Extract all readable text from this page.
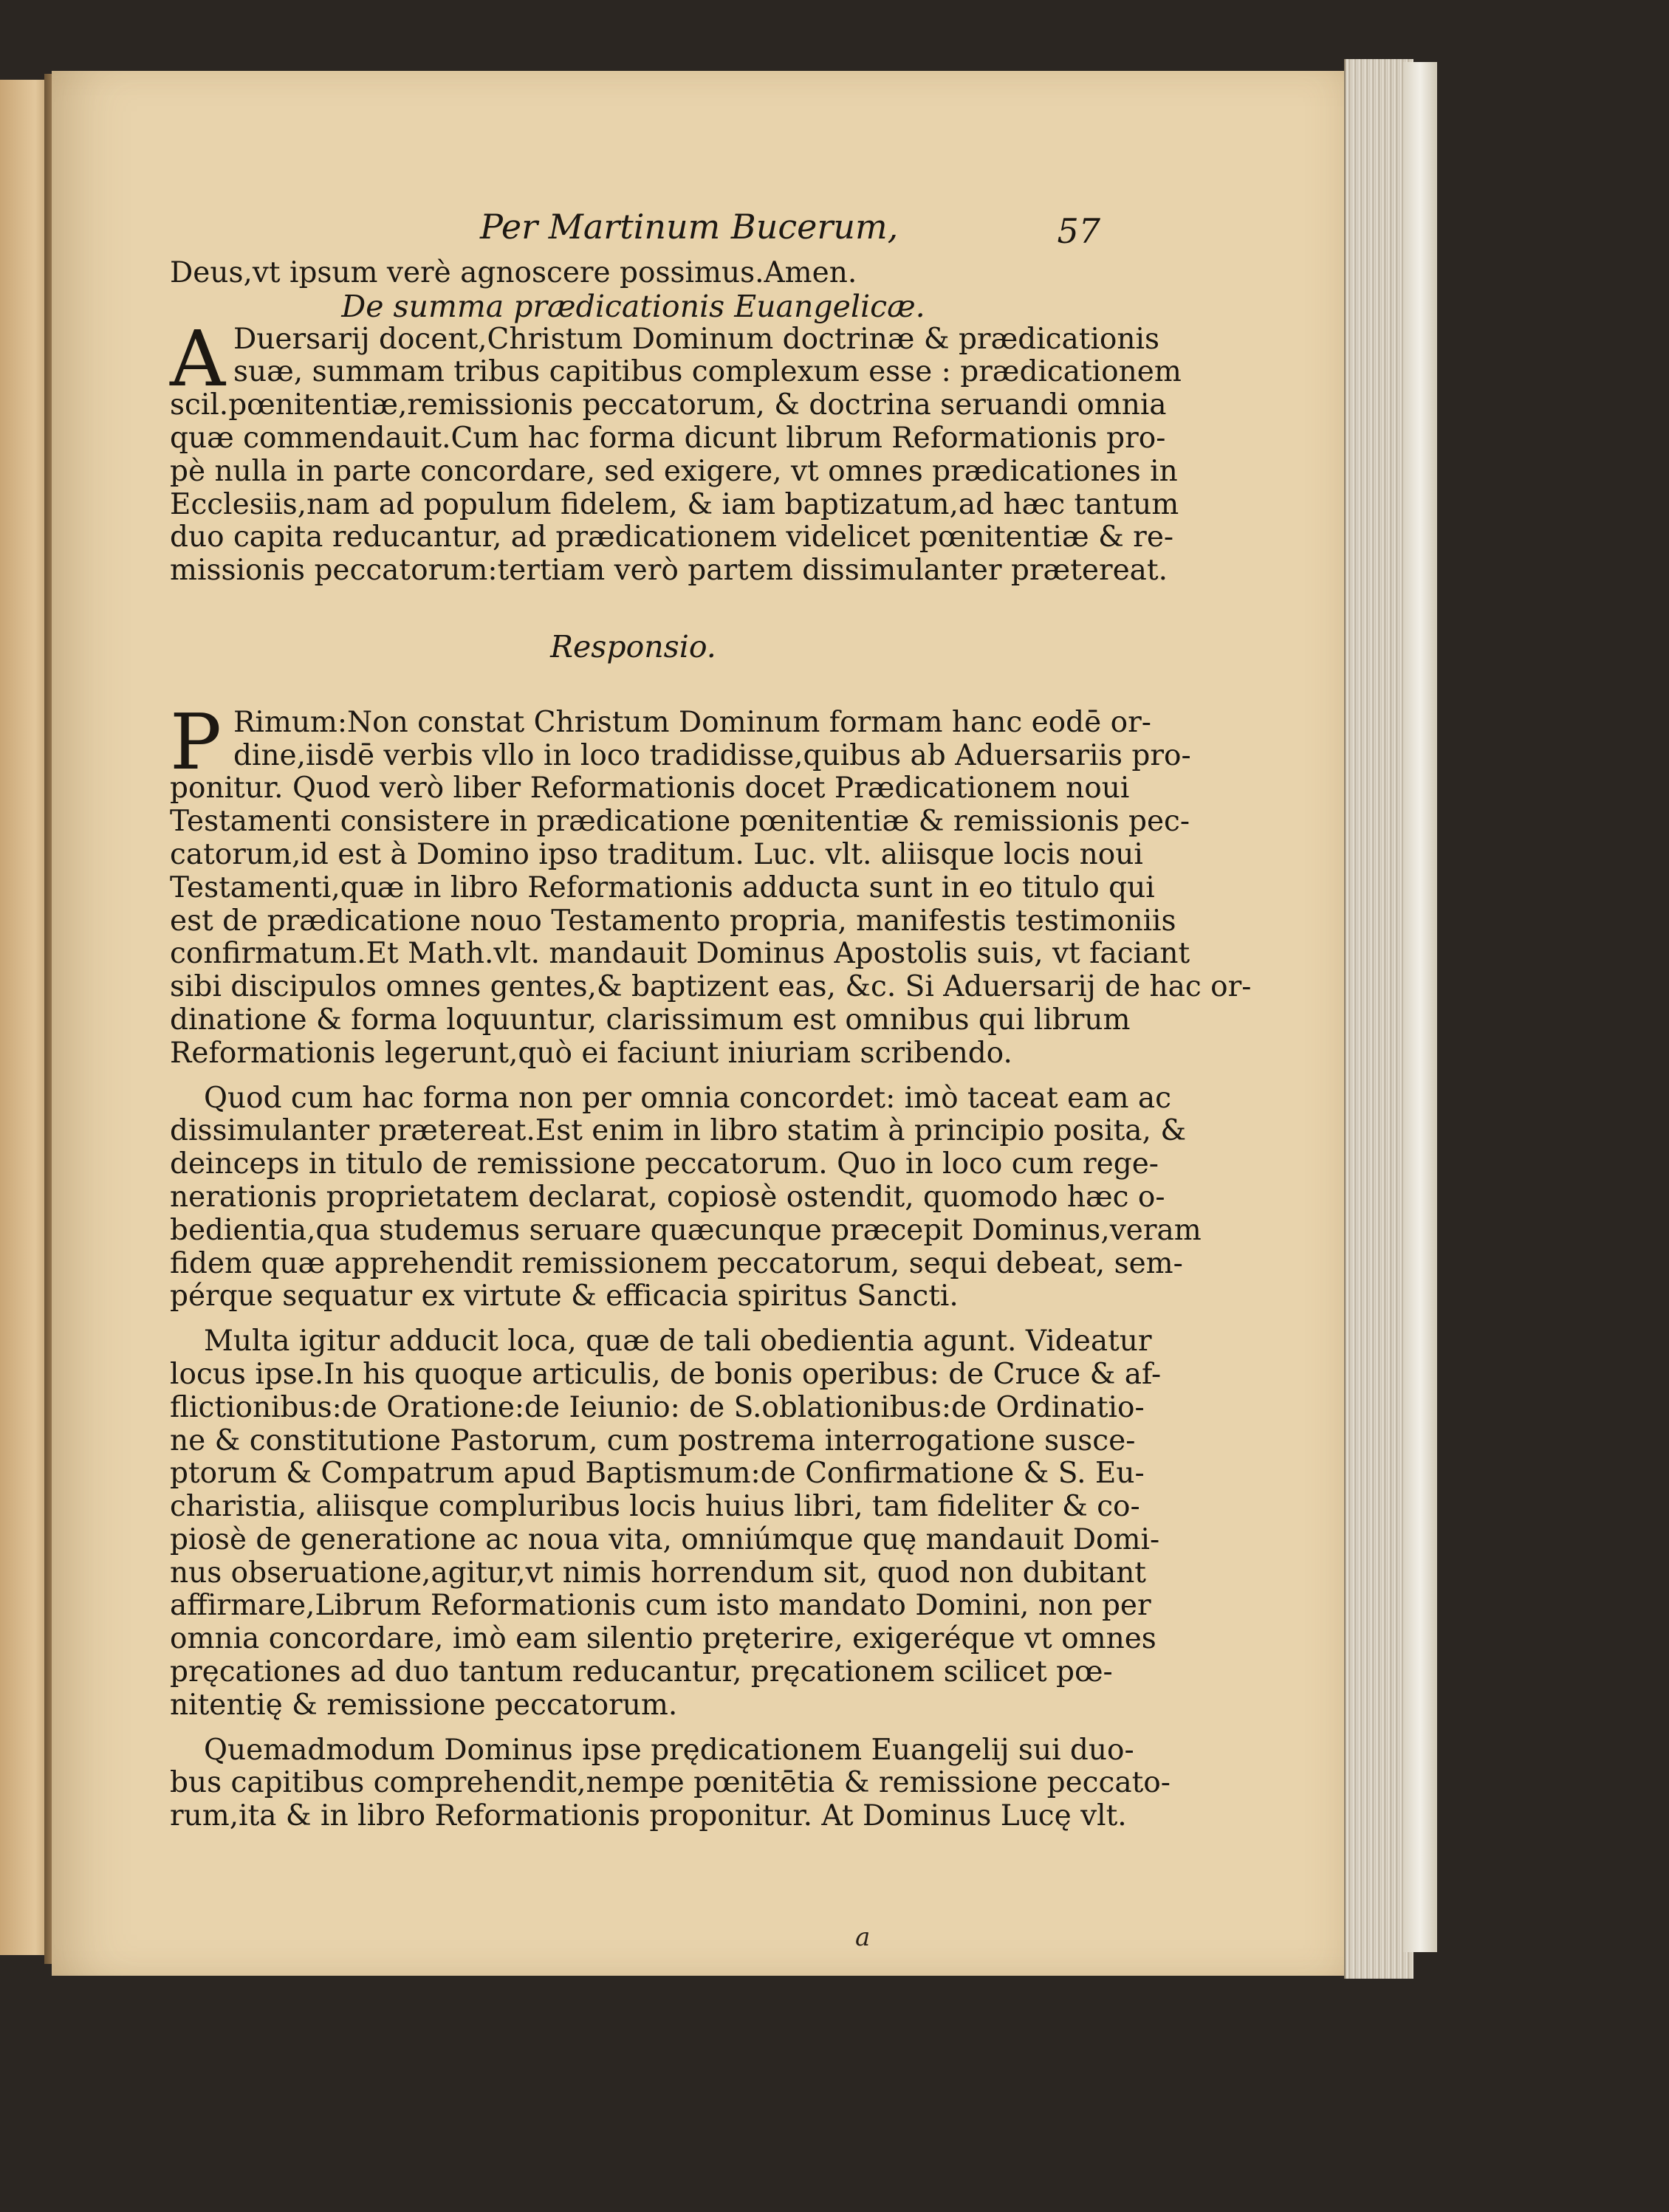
Per Martinum Bucerum,	57
Deus,vt ipsum verè agnoscere possimus.Amen.
De summa prædicationis Euangelicæ.
A Duersarij docent,Christum Dominum doctrinæ & prædicationis
suæ, summam tribus capitibus complexum esse : prædicationem
scil.pœnitentiæ,remissionis peccatorum, & doctrina seruandi omnia
quæ commendauit.Cum hac forma dicunt librum Reformationis pro-
pè nulla in parte concordare, sed exigere, vt omnes prædicationes in
Ecclesiis,nam ad populum fidelem, & iam baptizatum,ad hæc tantum
duo capita reducantur, ad prædicationem videlicet pœnitentiæ & re-
missionis peccatorum:tertiam verò partem dissimulanter prætereat.
Responsio.
P Rimum:Non constat Christum Dominum formam hanc eodē or-
dine,iisdē verbis vllo in loco tradidisse,quibus ab Aduersariis pro-
ponitur. Quod verò liber Reformationis docet Prædicationem noui
Testamenti consistere in prædicatione pœnitentiæ & remissionis pec-
catorum,id est à Domino ipso traditum. Luc. vlt. aliisque locis noui
Testamenti,quæ in libro Reformationis adducta sunt in eo titulo qui
est de prædicatione nouo Testamento propria, manifestis testimoniis
confirmatum.Et Math.vlt. mandauit Dominus Apostolis suis, vt faciant
sibi discipulos omnes gentes,& baptizent eas, &c. Si Aduersarij de hac or-
dinatione & forma loquuntur, clarissimum est omnibus qui librum
Reformationis legerunt,quò ei faciunt iniuriam scribendo.
Quod cum hac forma non per omnia concordet: imò taceat eam ac
dissimulanter prætereat.Est enim in libro statim à principio posita, &
deinceps in titulo de remissione peccatorum. Quo in loco cum rege-
nerationis proprietatem declarat, copiosè ostendit, quomodo hæc o-
bedientia,qua studemus seruare quæcunque præcepit Dominus,veram
fidem quæ apprehendit remissionem peccatorum, sequi debeat, sem-
pérque sequatur ex virtute & efficacia spiritus Sancti.
Multa igitur adducit loca, quæ de tali obedientia agunt. Videatur
locus ipse.In his quoque articulis, de bonis operibus: de Cruce & af-
flictionibus:de Oratione:de Ieiunio: de S.oblationibus:de Ordinatio-
ne & constitutione Pastorum, cum postrema interrogatione susce-
ptorum & Compatrum apud Baptismum:de Confirmatione & S. Eu-
charistia, aliisque compluribus locis huius libri, tam fideliter & co-
piosè de generatione ac noua vita, omniúmque quę mandauit Domi-
nus obseruatione,agitur,vt nimis horrendum sit, quod non dubitant
affirmare,Librum Reformationis cum isto mandato Domini, non per
omnia concordare, imò eam silentio pręterire, exigeréque vt omnes
pręcationes ad duo tantum reducantur, pręcationem scilicet pœ-
nitentię & remissione peccatorum.
Quemadmodum Dominus ipse prędicationem Euangelij sui duo-
bus capitibus comprehendit,nempe pœnitētia & remissione peccato-
rum,ita & in libro Reformationis proponitur. At Dominus Lucę vlt.
a
